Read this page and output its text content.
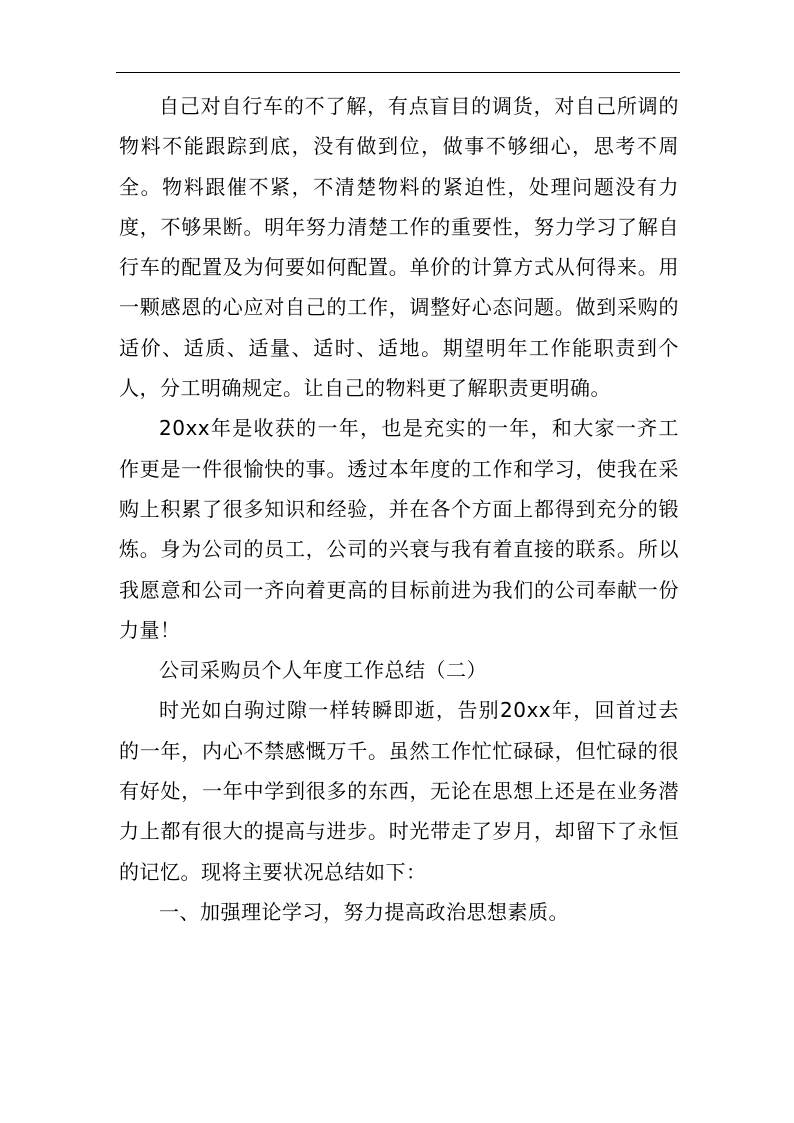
自己对自行车的不了解，有点盲目的调货，对自己所调的物料不能跟踪到底，没有做到位，做事不够细心，思考不周全。物料跟催不紧，不清楚物料的紧迫性，处理问题没有力度，不够果断。明年努力清楚工作的重要性，努力学习了解自行车的配置及为何要如何配置。单价的计算方式从何得来。用一颗感恩的心应对自己的工作，调整好心态问题。做到采购的适价、适质、适量、适时、适地。期望明年工作能职责到个人，分工明确规定。让自己的物料更了解职责更明确。

20xx年是收获的一年，也是充实的一年，和大家一齐工作更是一件很愉快的事。透过本年度的工作和学习，使我在采购上积累了很多知识和经验，并在各个方面上都得到充分的锻炼。身为公司的员工，公司的兴衰与我有着直接的联系。所以我愿意和公司一齐向着更高的目标前进为我们的公司奉献一份力量！

公司采购员个人年度工作总结（二）

时光如白驹过隙一样转瞬即逝，告别20xx年，回首过去的一年，内心不禁感慨万千。虽然工作忙忙碌碌，但忙碌的很有好处，一年中学到很多的东西，无论在思想上还是在业务潜力上都有很大的提高与进步。时光带走了岁月，却留下了永恒的记忆。现将主要状况总结如下：

一、加强理论学习，努力提高政治思想素质。
